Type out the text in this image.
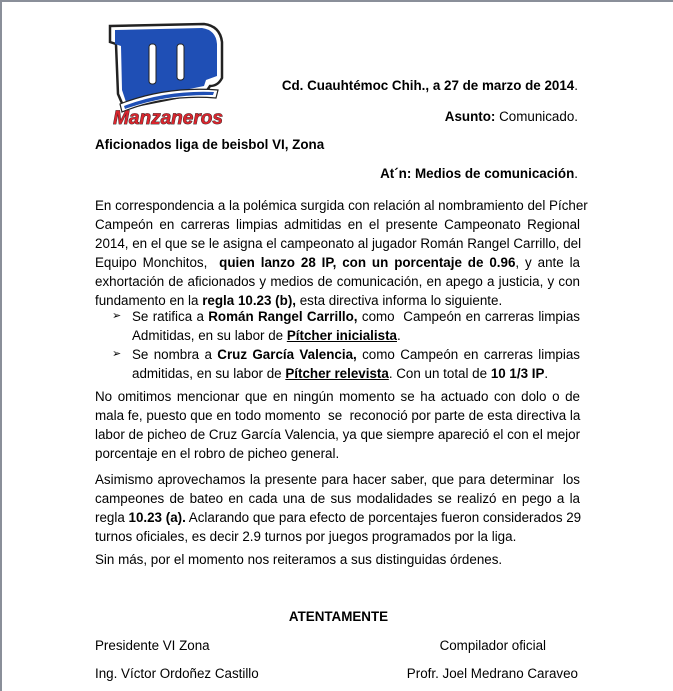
Manzaneros
Cd. Cuauhtémoc Chih., a 27 de marzo de 2014.
Asunto: Comunicado.
Aficionados liga de beisbol VI, Zona
At´n: Medios de comunicación.
En correspondencia a la polémica surgida con relación al nombramiento del Pícher
Campeón en carreras limpias admitidas en el presente Campeonato Regional
2014, en el que se le asigna el campeonato al jugador Román Rangel Carrillo, del
Equipo Monchitos,  quien lanzo 28 IP, con un porcentaje de 0.96, y ante la
exhortación de aficionados y medios de comunicación, en apego a justicia, y con
fundamento en la regla 10.23 (b), esta directiva informa lo siguiente.
➢ Se ratifica a Román Rangel Carrillo, como  Campeón en carreras limpias
Admitidas, en su labor de Pítcher inicialista.
➢ Se nombra a Cruz García Valencia, como Campeón en carreras limpias
admitidas, en su labor de Pítcher relevista. Con un total de 10 1/3 IP.
No omitimos mencionar que en ningún momento se ha actuado con dolo o de
mala fe, puesto que en todo momento  se  reconoció por parte de esta directiva la
labor de picheo de Cruz García Valencia, ya que siempre apareció el con el mejor
porcentaje en el robro de picheo general.
Asimismo aprovechamos la presente para hacer saber, que para determinar  los
campeones de bateo en cada una de sus modalidades se realizó en pego a la
regla 10.23 (a). Aclarando que para efecto de porcentajes fueron considerados 29
turnos oficiales, es decir 2.9 turnos por juegos programados por la liga.
Sin más, por el momento nos reiteramos a sus distinguidas órdenes.
ATENTAMENTE
Presidente VI Zona
Ing. Víctor Ordoñez Castillo
Compilador oficial
Profr. Joel Medrano Caraveo
